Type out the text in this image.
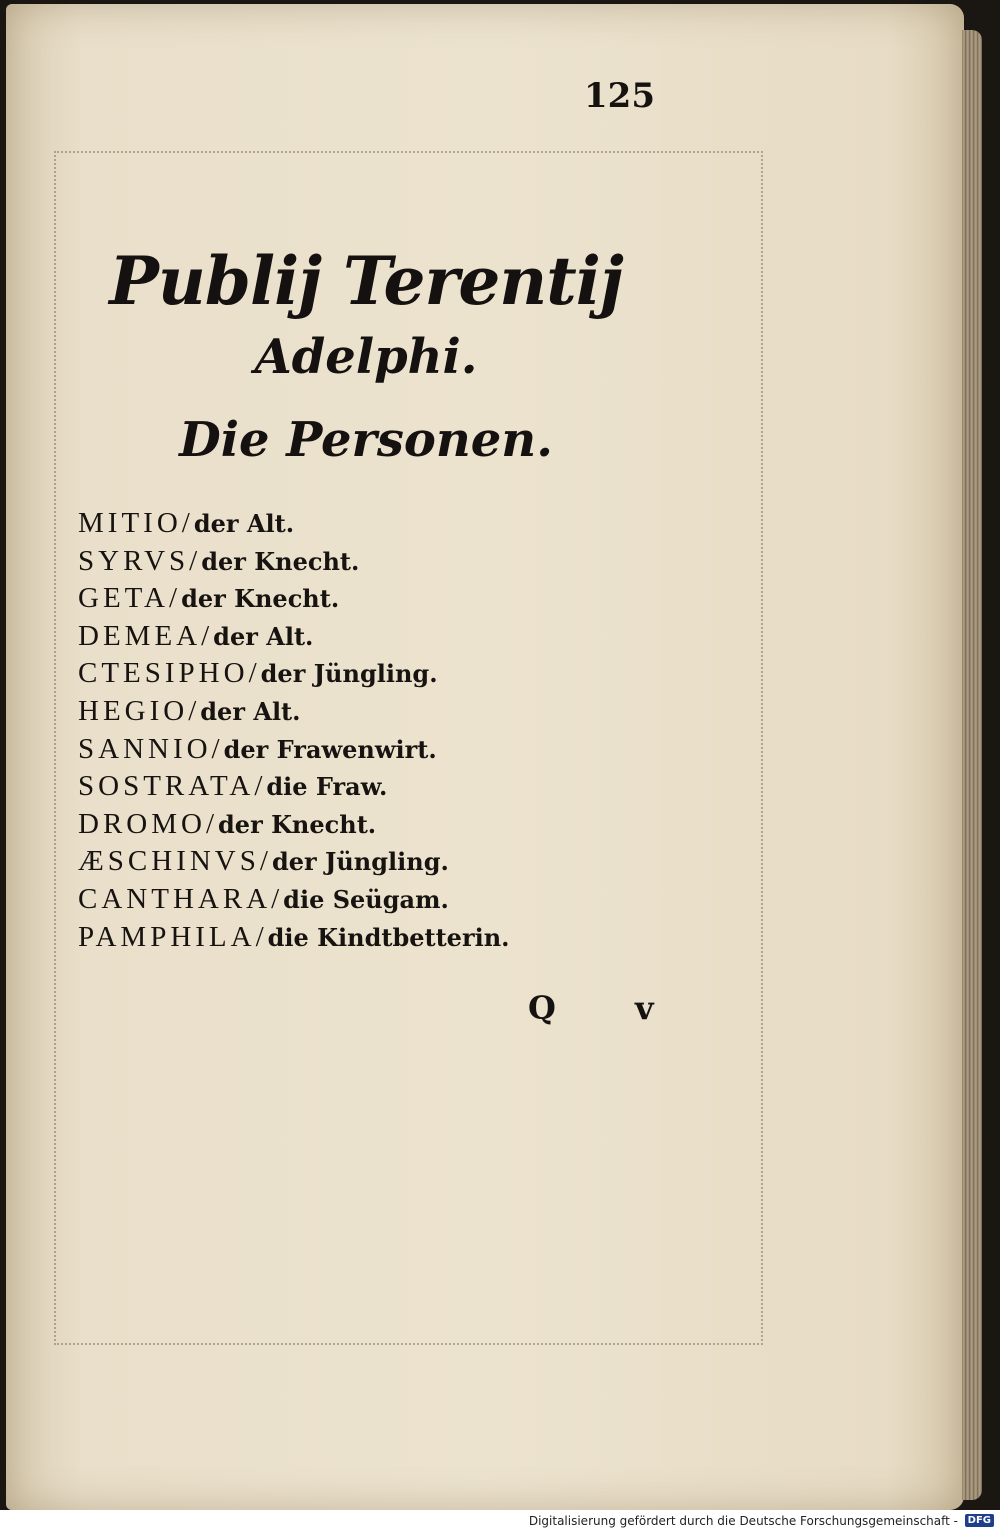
125
Publij Terentij
Adelphi.
Die Personen.
MITIO/der Alt.
SYRVS/der Knecht.
GETA/der Knecht.
DEMEA/der Alt.
CTESIPHO/der Jüngling.
HEGIO/der Alt.
SANNIO/der Frawenwirt.
SOSTRATA/die Fraw.
DROMO/der Knecht.
ÆSCHINVS/der Jüngling.
CANTHARA/die Seügam.
PAMPHILA/die Kindtbetterin.
Q v
Digitalisierung gefördert durch die Deutsche Forschungsgemeinschaft - DFG
